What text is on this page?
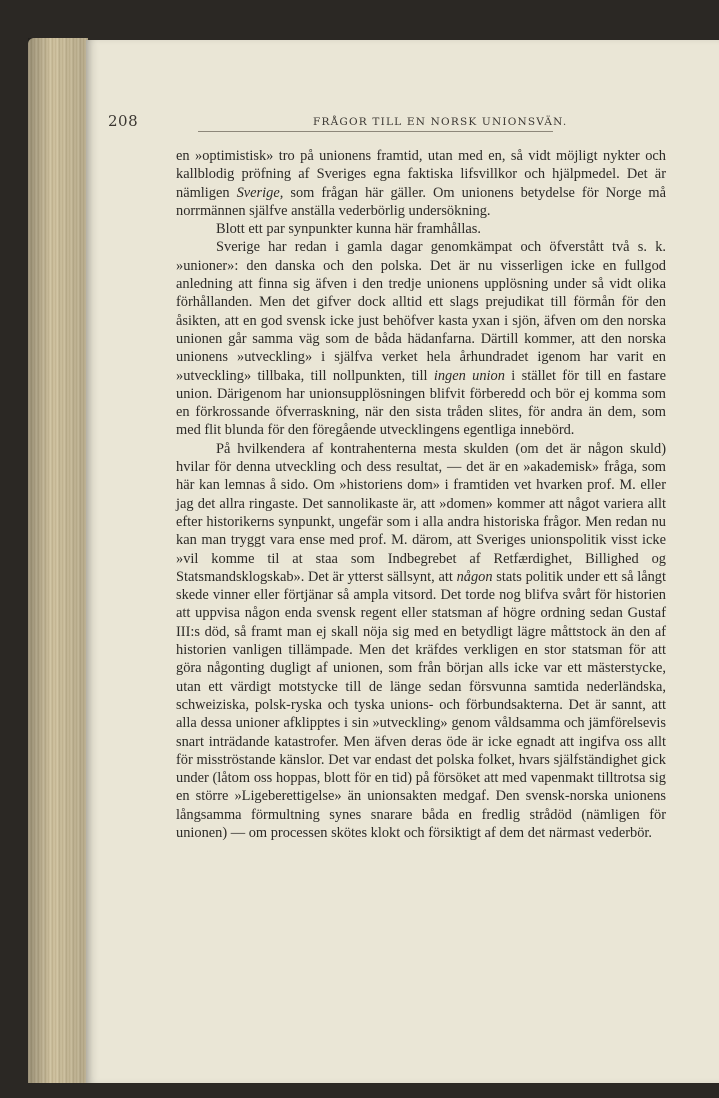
208	FRÅGOR TILL EN NORSK UNIONSVÄN.

en »optimistisk» tro på unionens framtid, utan med en, så vidt möjligt nykter och kallblodig pröfning af Sveriges egna faktiska lifsvillkor och hjälpmedel. Det är nämligen Sverige, som frågan här gäller. Om unionens betydelse för Norge må norrmännen själfve anställa vederbörlig undersökning.

Blott ett par synpunkter kunna här framhållas.

Sverige har redan i gamla dagar genomkämpat och öfverstått två s. k. »unioner»: den danska och den polska. Det är nu visserligen icke en fullgod anledning att finna sig äfven i den tredje unionens upplösning under så vidt olika förhållanden. Men det gifver dock alltid ett slags prejudikat till förmån för den åsikten, att en god svensk icke just behöfver kasta yxan i sjön, äfven om den norska unionen går samma väg som de båda hädanfarna. Därtill kommer, att den norska unionens »utveckling» i själfva verket hela århundradet igenom har varit en »utveckling» tillbaka, till nollpunkten, till ingen union i stället för till en fastare union. Därigenom har unionsupplösningen blifvit förberedd och bör ej komma som en förkrossande öfverraskning, när den sista tråden slites, för andra än dem, som med flit blunda för den föregående utvecklingens egentliga innebörd.

På hvilkendera af kontrahenterna mesta skulden (om det är någon skuld) hvilar för denna utveckling och dess resultat, — det är en »akademisk» fråga, som här kan lemnas å sido. Om »historiens dom» i framtiden vet hvarken prof. M. eller jag det allra ringaste. Det sannolikaste är, att »domen» kommer att något variera allt efter historikerns synpunkt, ungefär som i alla andra historiska frågor. Men redan nu kan man tryggt vara ense med prof. M. därom, att Sveriges unionspolitik visst icke »vil komme til at staa som Indbegrebet af Retfærdighet, Billighed og Statsmandsklogskab». Det är ytterst sällsynt, att någon stats politik under ett så långt skede vinner eller förtjänar så ampla vitsord. Det torde nog blifva svårt för historien att uppvisa någon enda svensk regent eller statsman af högre ordning sedan Gustaf III:s död, så framt man ej skall nöja sig med en betydligt lägre måttstock än den af historien vanligen tillämpade. Men det kräfdes verkligen en stor statsman för att göra någonting dugligt af unionen, som från början alls icke var ett mästerstycke, utan ett värdigt motstycke till de länge sedan försvunna samtida nederländska, schweiziska, polsk-ryska och tyska unions- och förbundsakterna. Det är sannt, att alla dessa unioner afklipptes i sin »utveckling» genom våldsamma och jämförelsevis snart inträdande katastrofer. Men äfven deras öde är icke egnadt att ingifva oss allt för misströstande känslor. Det var endast det polska folket, hvars själfständighet gick under (låtom oss hoppas, blott för en tid) på försöket att med vapenmakt tilltrotsa sig en större »Ligeberettigelse» än unionsakten medgaf. Den svensk-norska unionens långsamma förmultning synes snarare båda en fredlig strådöd (nämligen för unionen) — om processen skötes klokt och försiktigt af dem det närmast vederbör.
